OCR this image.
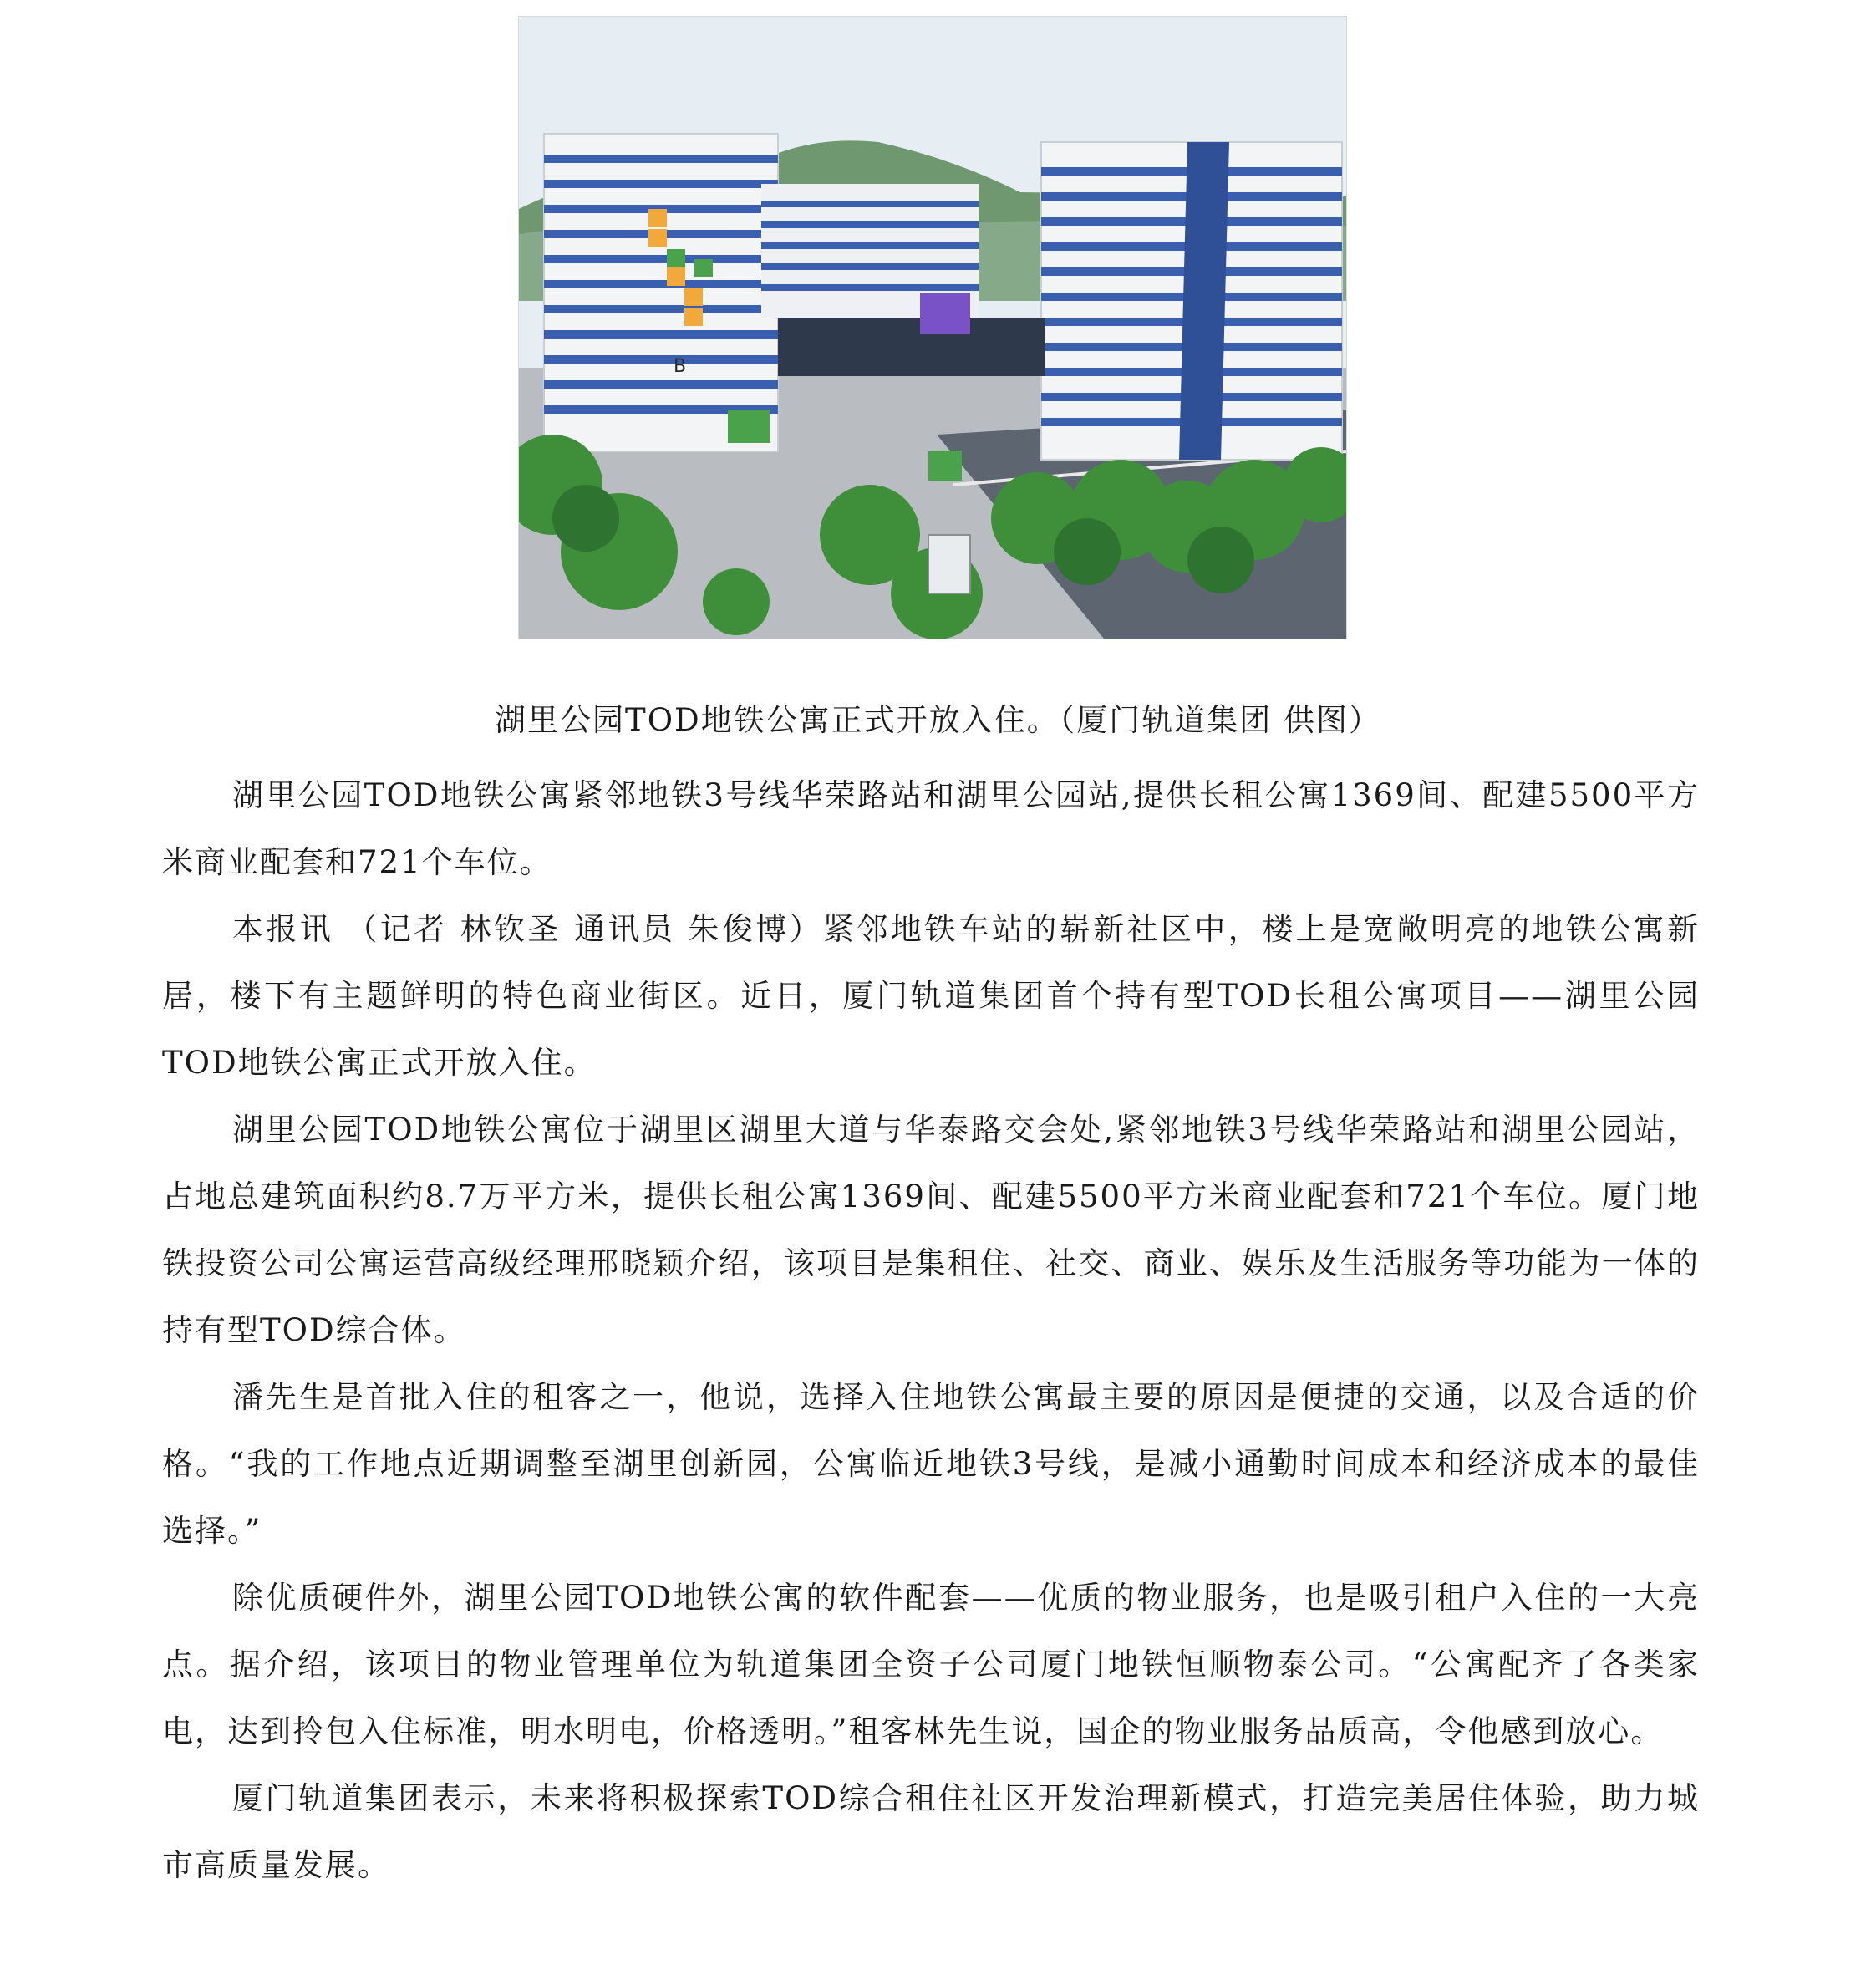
B
湖里公园TOD地铁公寓正式开放入住。（厦门轨道集团 供图）

湖里公园TOD地铁公寓紧邻地铁3号线华荣路站和湖里公园站,提供长租公寓1369间、配建5500平方米商业配套和721个车位。

本报讯 （记者 林钦圣 通讯员 朱俊博）紧邻地铁车站的崭新社区中，楼上是宽敞明亮的地铁公寓新居，楼下有主题鲜明的特色商业街区。近日，厦门轨道集团首个持有型TOD长租公寓项目——湖里公园TOD地铁公寓正式开放入住。

湖里公园TOD地铁公寓位于湖里区湖里大道与华泰路交会处,紧邻地铁3号线华荣路站和湖里公园站，占地总建筑面积约8.7万平方米，提供长租公寓1369间、配建5500平方米商业配套和721个车位。厦门地铁投资公司公寓运营高级经理邢晓颖介绍，该项目是集租住、社交、商业、娱乐及生活服务等功能为一体的持有型TOD综合体。

潘先生是首批入住的租客之一，他说，选择入住地铁公寓最主要的原因是便捷的交通，以及合适的价格。“我的工作地点近期调整至湖里创新园，公寓临近地铁3号线，是减小通勤时间成本和经济成本的最佳选择。”

除优质硬件外，湖里公园TOD地铁公寓的软件配套——优质的物业服务，也是吸引租户入住的一大亮点。据介绍，该项目的物业管理单位为轨道集团全资子公司厦门地铁恒顺物泰公司。“公寓配齐了各类家电，达到拎包入住标准，明水明电，价格透明。”租客林先生说，国企的物业服务品质高，令他感到放心。

厦门轨道集团表示，未来将积极探索TOD综合租住社区开发治理新模式，打造完美居住体验，助力城市高质量发展。
